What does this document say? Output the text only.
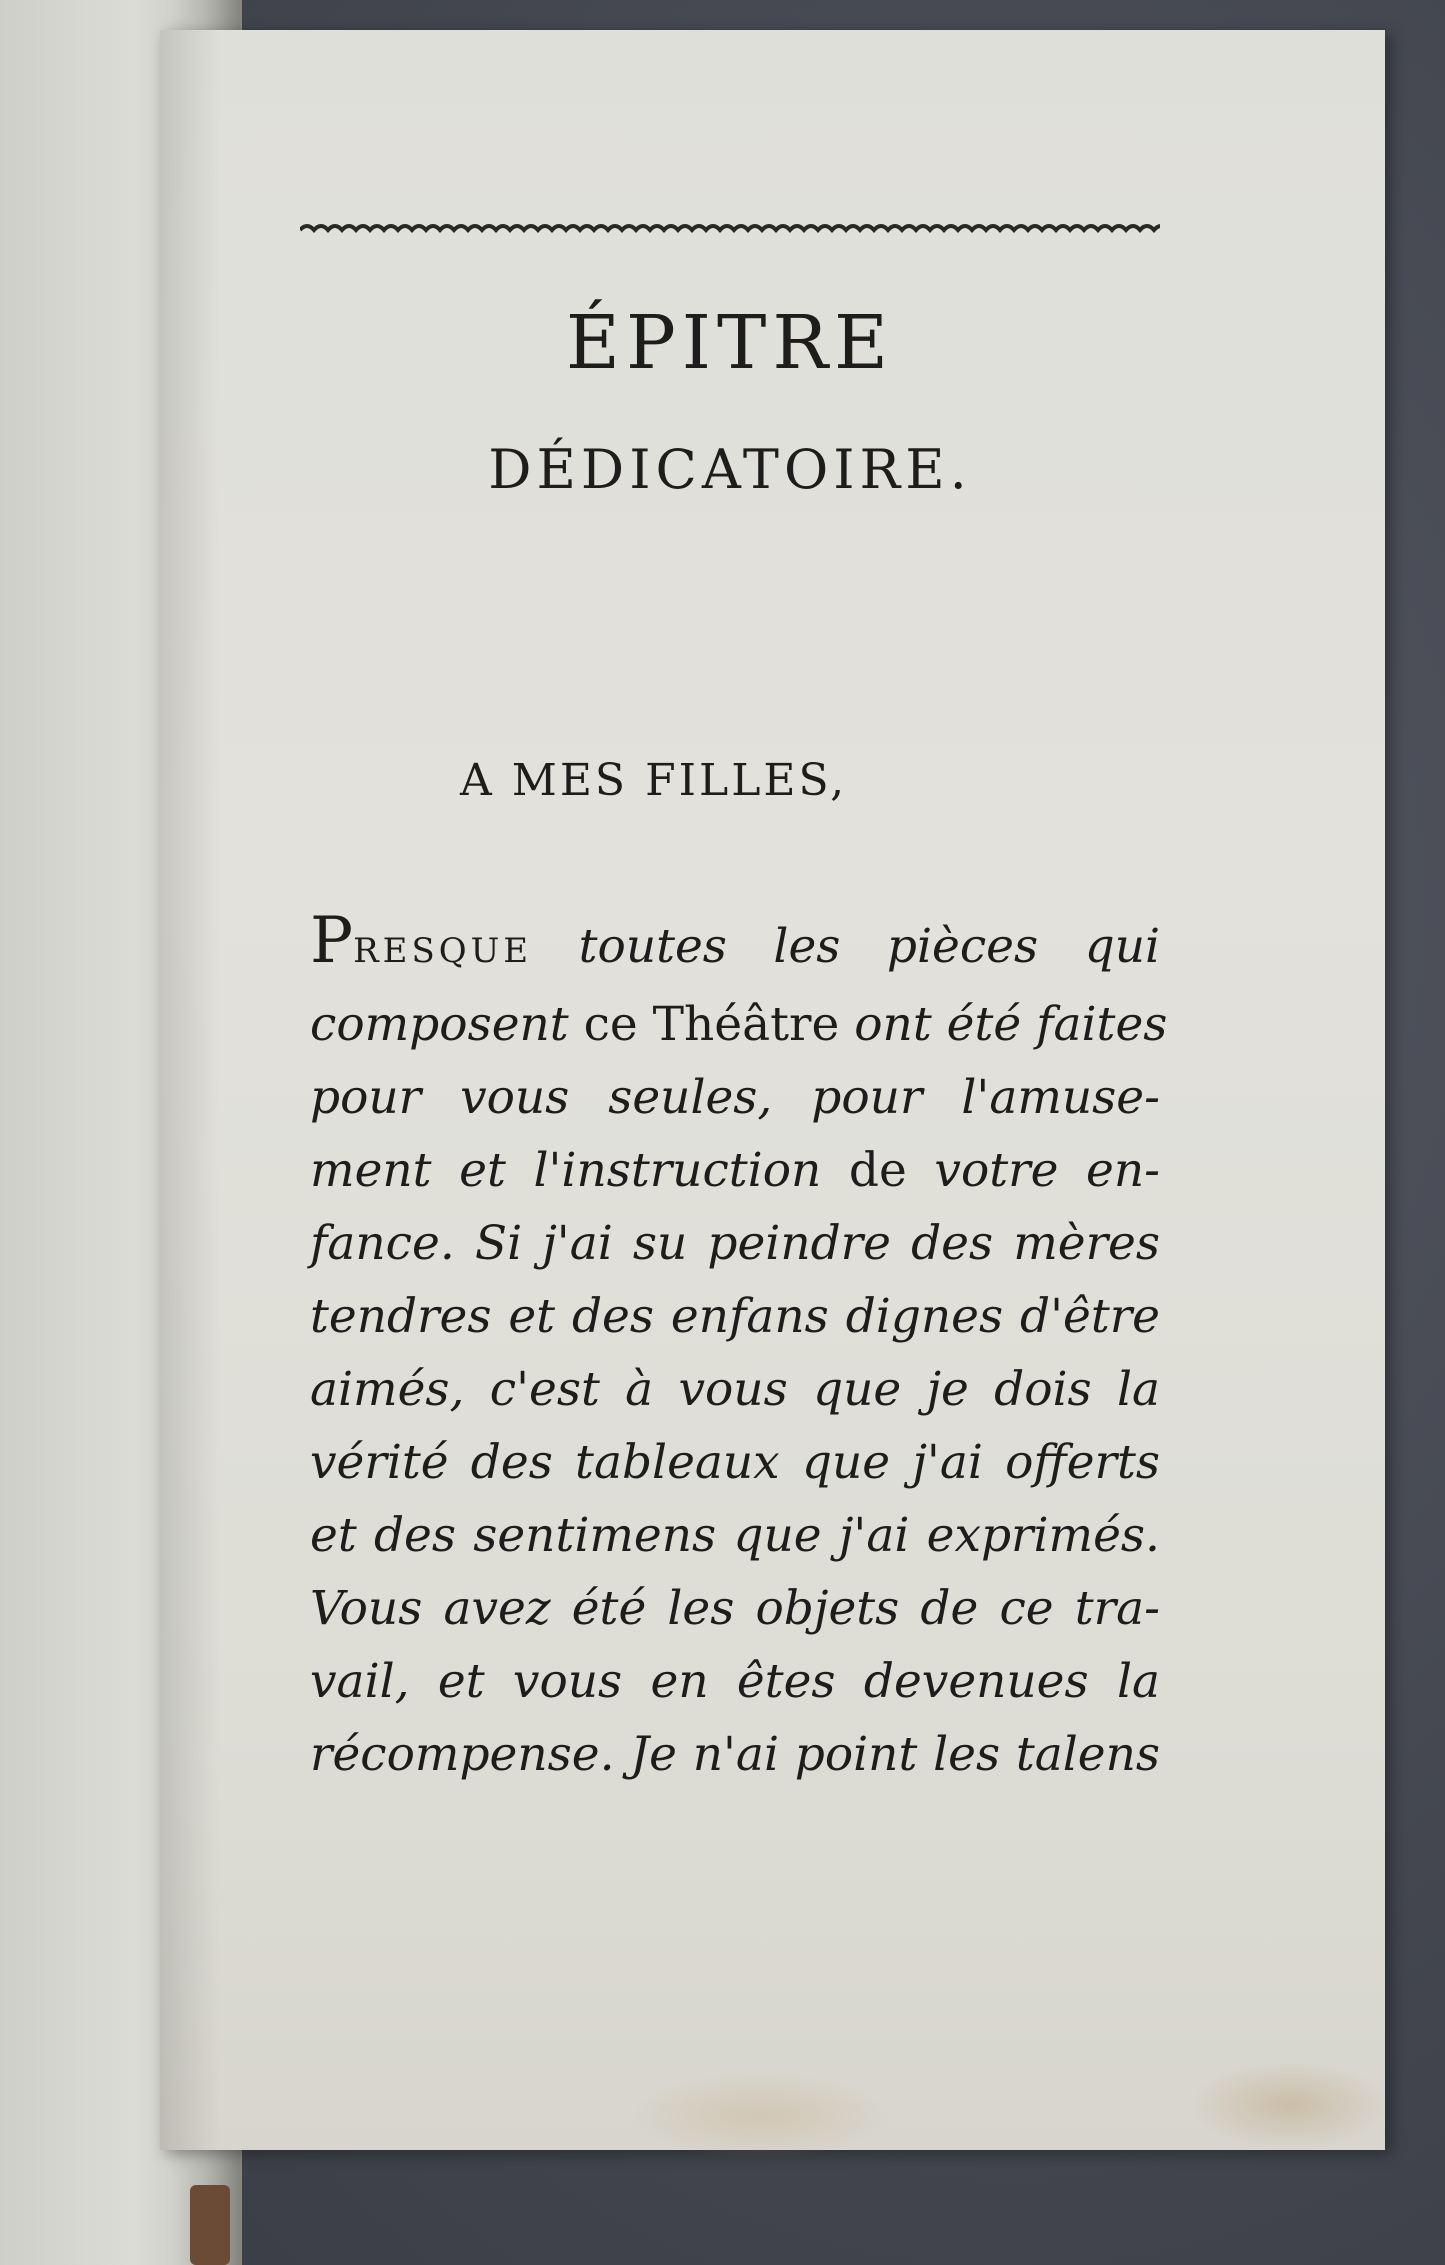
ÉPITRE
DÉDICATOIRE.

A MES FILLES,

PRESQUE toutes les pièces qui
composent ce Théâtre ont été faites
pour vous seules, pour l'amuse-
ment et l'instruction de votre en-
fance. Si j'ai su peindre des mères
tendres et des enfans dignes d'être
aimés, c'est à vous que je dois la
vérité des tableaux que j'ai offerts
et des sentimens que j'ai exprimés.
Vous avez été les objets de ce tra-
vail, et vous en êtes devenues la
récompense. Je n'ai point les talens
